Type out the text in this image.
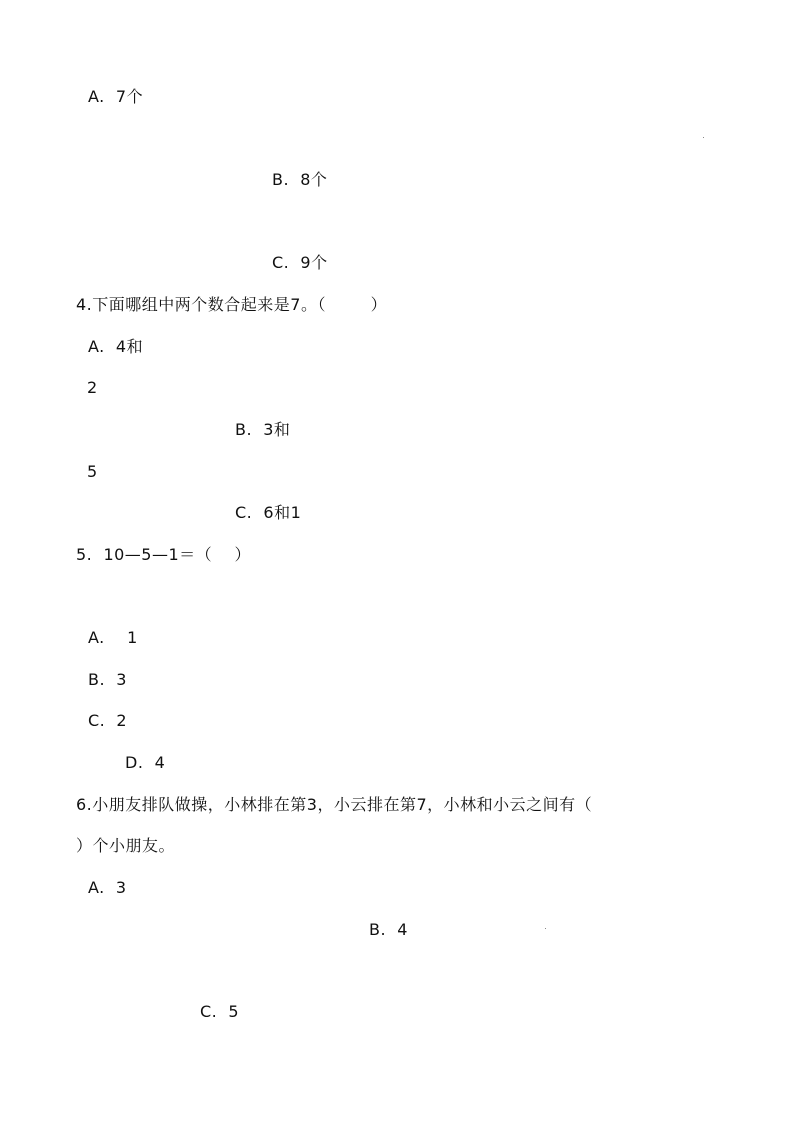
A.  7个
B.  8个
C.  9个
4.下面哪组中两个数合起来是7。（        ）
A.  4和
2
B.  3和
5
C.  6和1
5.  10—5—1＝（    ）
A.    1
B.  3
C.  2
D.  4
6.小朋友排队做操，小林排在第3，小云排在第7，小林和小云之间有（
）个小朋友。
A.  3
B.  4
C.  5
